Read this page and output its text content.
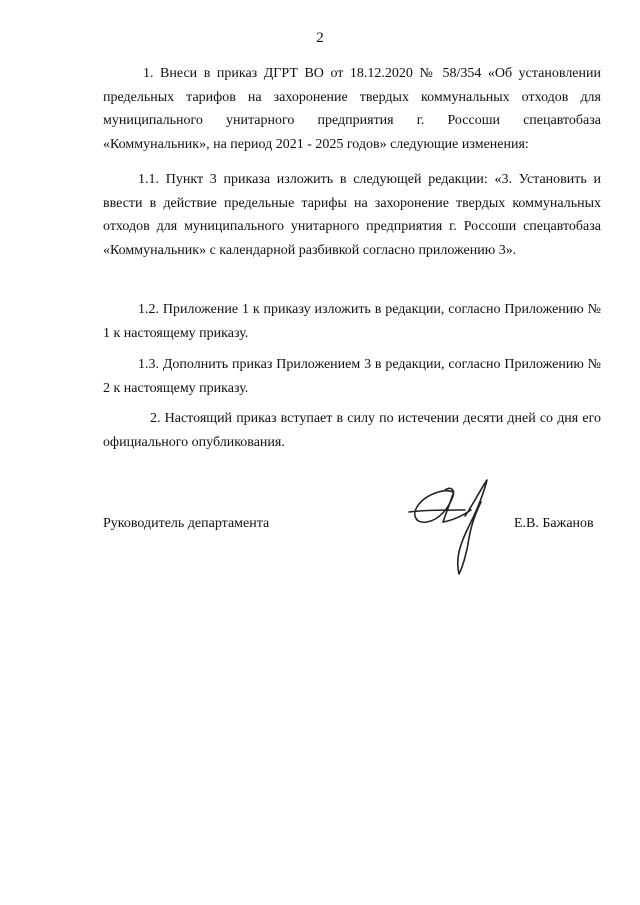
2

1. Внеси в приказ ДГРТ ВО от 18.12.2020 № 58/354 «Об установлении предельных тарифов на захоронение твердых коммунальных отходов для муниципального унитарного предприятия г. Россоши спецавтобаза «Коммунальник», на период 2021 - 2025 годов» следующие изменения:

1.1. Пункт 3 приказа изложить в следующей редакции: «3. Установить и ввести в действие предельные тарифы на захоронение твердых коммунальных отходов для муниципального унитарного предприятия г. Россоши спецавтобаза «Коммунальник» с календарной разбивкой согласно приложению 3».

1.2. Приложение 1 к приказу изложить в редакции, согласно Приложению № 1 к настоящему приказу.

1.3. Дополнить приказ Приложением 3 в редакции, согласно Приложению № 2 к настоящему приказу.

2. Настоящий приказ вступает в силу по истечении десяти дней со дня его официального опубликования.

Руководитель департамента	Е.В. Бажанов
